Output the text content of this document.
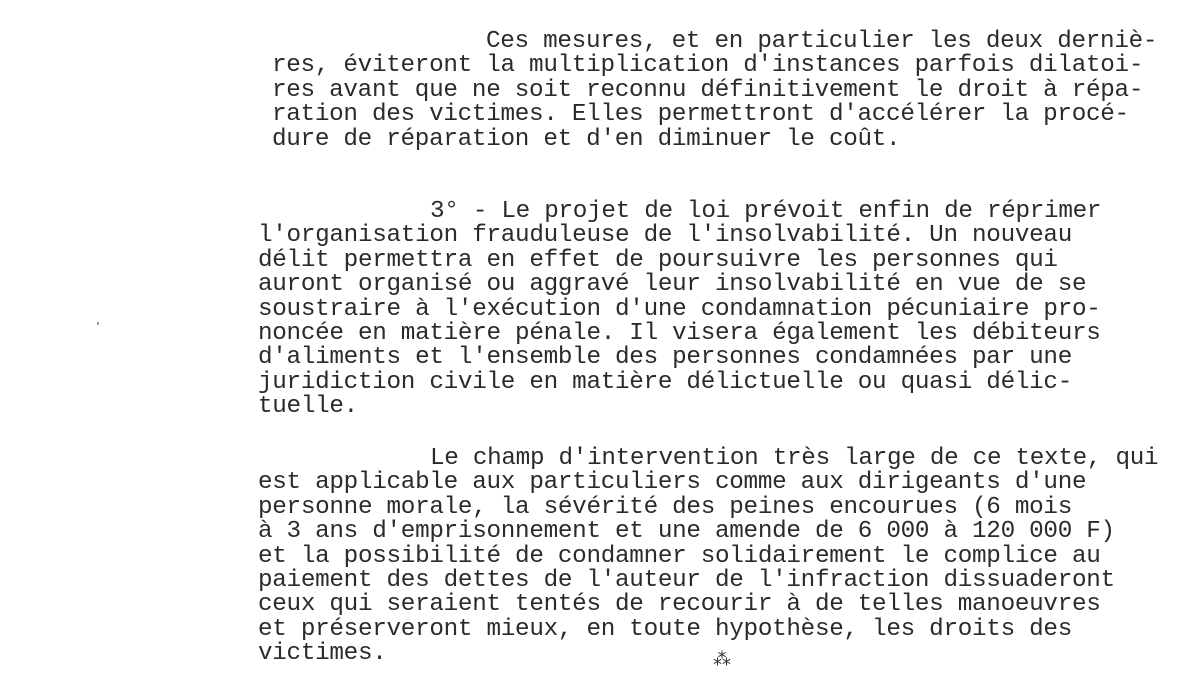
Ces mesures, et en particulier les deux derniè-
res, éviteront la multiplication d'instances parfois dilatoi-
res avant que ne soit reconnu définitivement le droit à répa-
ration des victimes. Elles permettront d'accélérer la procé-
dure de réparation et d'en diminuer le coût.
3° - Le projet de loi prévoit enfin de réprimer
l'organisation frauduleuse de l'insolvabilité. Un nouveau
délit permettra en effet de poursuivre les personnes qui
auront organisé ou aggravé leur insolvabilité en vue de se
soustraire à l'exécution d'une condamnation pécuniaire pro-
noncée en matière pénale. Il visera également les débiteurs
d'aliments et l'ensemble des personnes condamnées par une
juridiction civile en matière délictuelle ou quasi délic-
tuelle.
Le champ d'intervention très large de ce texte, qui
est applicable aux particuliers comme aux dirigeants d'une
personne morale, la sévérité des peines encourues (6 mois
à 3 ans d'emprisonnement et une amende de 6 000 à 120 000 F)
et la possibilité de condamner solidairement le complice au
paiement des dettes de l'auteur de l'infraction dissuaderont
ceux qui seraient tentés de recourir à de telles manoeuvres
et préserveront mieux, en toute hypothèse, les droits des
victimes.	⁂
